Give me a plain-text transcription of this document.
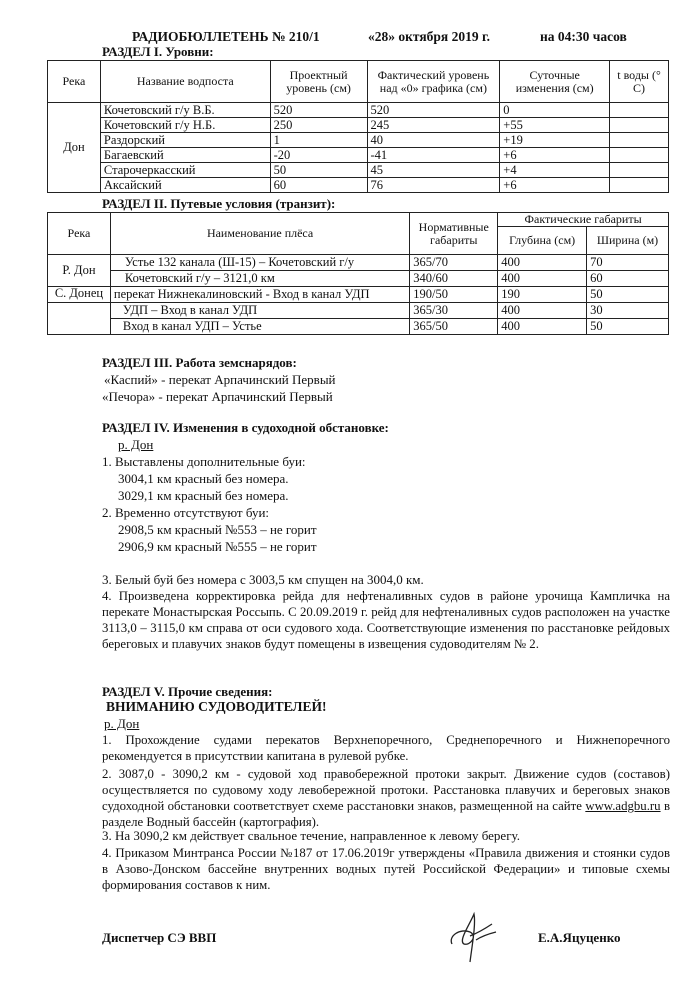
РАДИОБЮЛЛЕТЕНЬ № 210/1	«28» октября 2019 г.	на 04:30 часов
РАЗДЕЛ I. Уровни:
Река	Название водпоста	Проектный уровень (см)	Фактический уровень над «0» графика (см)	Суточные изменения (см)	t воды (° С)
Дон	Кочетовский г/у В.Б.	520	520	0	
	Кочетовский г/у Н.Б.	250	245	+55	
	Раздорский	1	40	+19	
	Багаевский	-20	-41	+6	
	Старочеркасский	50	45	+4	
	Аксайский	60	76	+6	
РАЗДЕЛ II. Путевые условия (транзит):
Река	Наименование плёса	Нормативные габариты	Фактические габариты	
			Глубина (см)	Ширина (м)
Р. Дон	Устье 132 канала (Ш-15) – Кочетовский г/у	365/70	400	70
	Кочетовский г/у – 3121,0 км	340/60	400	60
С. Донец	перекат Нижнекалиновский - Вход в канал УДП	190/50	190	50
	УДП – Вход в канал УДП	365/30	400	30
	Вход в канал УДП – Устье	365/50	400	50
РАЗДЕЛ III. Работа земснарядов:
«Каспий» - перекат Арпачинский Первый
«Печора» - перекат Арпачинский Первый
РАЗДЕЛ IV. Изменения в судоходной обстановке:
р. Дон
1. Выставлены дополнительные буи:
3004,1 км красный без номера.
3029,1 км красный без номера.
2. Временно отсутствуют буи:
2908,5 км красный №553 – не горит
2906,9 км красный №555 – не горит
3. Белый буй без номера с 3003,5 км спущен на 3004,0 км.
4. Произведена корректировка рейда для нефтеналивных судов в районе урочища Кампличка на перекате Монастырская Россыпь. С 20.09.2019 г. рейд для нефтеналивных судов расположен на участке 3113,0 – 3115,0 км справа от оси судового хода. Соответствующие изменения по расстановке рейдовых береговых и плавучих знаков будут помещены в извещения судоводителям № 2.
РАЗДЕЛ V. Прочие сведения:
ВНИМАНИЮ СУДОВОДИТЕЛЕЙ!
р. Дон
1. Прохождение судами перекатов Верхнепоречного, Среднепоречного и Нижнепоречного рекомендуется в присутствии капитана в рулевой рубке.
2. 3087,0 - 3090,2 км - судовой ход правобережной протоки закрыт. Движение судов (составов) осуществляется по судовому ходу левобережной протоки. Расстановка плавучих и береговых знаков судоходной обстановки соответствует схеме расстановки знаков, размещенной на сайте www.adgbu.ru в разделе Водный бассейн (картография).
3. На 3090,2 км действует свальное течение, направленное к левому берегу.
4. Приказом Минтранса России №187 от 17.06.2019г утверждены «Правила движения и стоянки судов в Азово-Донском бассейне внутренних водных путей Российской Федерации» и типовые схемы формирования составов к ним.
Диспетчер СЭ ВВП	Е.А.Яцуценко
